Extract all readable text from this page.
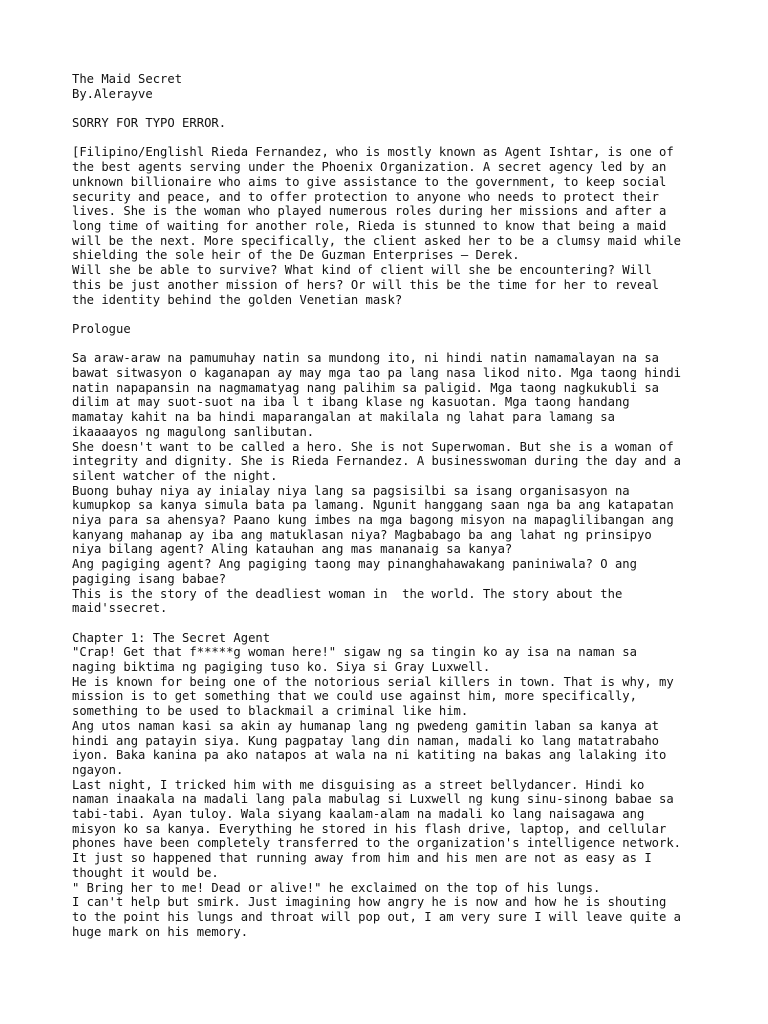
The Maid Secret
By.Alerayve
SORRY FOR TYPO ERROR.
[Filipino/Englishl Rieda Fernandez, who is mostly known as Agent Ishtar, is one of
the best agents serving under the Phoenix Organization. A secret agency led by an
unknown billionaire who aims to give assistance to the government, to keep social
security and peace, and to offer protection to anyone who needs to protect their
lives. She is the woman who played numerous roles during her missions and after a
long time of waiting for another role, Rieda is stunned to know that being a maid
will be the next. More specifically, the client asked her to be a clumsy maid while
shielding the sole heir of the De Guzman Enterprises — Derek.
Will she be able to survive? What kind of client will she be encountering? Will
this be just another mission of hers? Or will this be the time for her to reveal
the identity behind the golden Venetian mask?
Prologue
Sa araw-araw na pamumuhay natin sa mundong ito, ni hindi natin namamalayan na sa
bawat sitwasyon o kaganapan ay may mga tao pa lang nasa likod nito. Mga taong hindi
natin napapansin na nagmamatyag nang palihim sa paligid. Mga taong nagkukubli sa
dilim at may suot-suot na iba l t ibang klase ng kasuotan. Mga taong handang
mamatay kahit na ba hindi maparangalan at makilala ng lahat para lamang sa
ikaaaayos ng magulong sanlibutan.
She doesn't want to be called a hero. She is not Superwoman. But she is a woman of
integrity and dignity. She is Rieda Fernandez. A businesswoman during the day and a
silent watcher of the night.
Buong buhay niya ay inialay niya lang sa pagsisilbi sa isang organisasyon na
kumupkop sa kanya simula bata pa lamang. Ngunit hanggang saan nga ba ang katapatan
niya para sa ahensya? Paano kung imbes na mga bagong misyon na mapaglilibangan ang
kanyang mahanap ay iba ang matuklasan niya? Magbabago ba ang lahat ng prinsipyo
niya bilang agent? Aling katauhan ang mas mananaig sa kanya?
Ang pagiging agent? Ang pagiging taong may pinanghahawakang paniniwala? O ang
pagiging isang babae?
This is the story of the deadliest woman in  the world. The story about the
maid'ssecret.
Chapter 1: The Secret Agent
"Crap! Get that f*****g woman here!" sigaw ng sa tingin ko ay isa na naman sa
naging biktima ng pagiging tuso ko. Siya si Gray Luxwell.
He is known for being one of the notorious serial killers in town. That is why, my
mission is to get something that we could use against him, more specifically,
something to be used to blackmail a criminal like him.
Ang utos naman kasi sa akin ay humanap lang ng pwedeng gamitin laban sa kanya at
hindi ang patayin siya. Kung pagpatay lang din naman, madali ko lang matatrabaho
iyon. Baka kanina pa ako natapos at wala na ni katiting na bakas ang lalaking ito
ngayon.
Last night, I tricked him with me disguising as a street bellydancer. Hindi ko
naman inaakala na madali lang pala mabulag si Luxwell ng kung sinu-sinong babae sa
tabi-tabi. Ayan tuloy. Wala siyang kaalam-alam na madali ko lang naisagawa ang
misyon ko sa kanya. Everything he stored in his flash drive, laptop, and cellular
phones have been completely transferred to the organization's intelligence network.
It just so happened that running away from him and his men are not as easy as I
thought it would be.
" Bring her to me! Dead or alive!" he exclaimed on the top of his lungs.
I can't help but smirk. Just imagining how angry he is now and how he is shouting
to the point his lungs and throat will pop out, I am very sure I will leave quite a
huge mark on his memory.
